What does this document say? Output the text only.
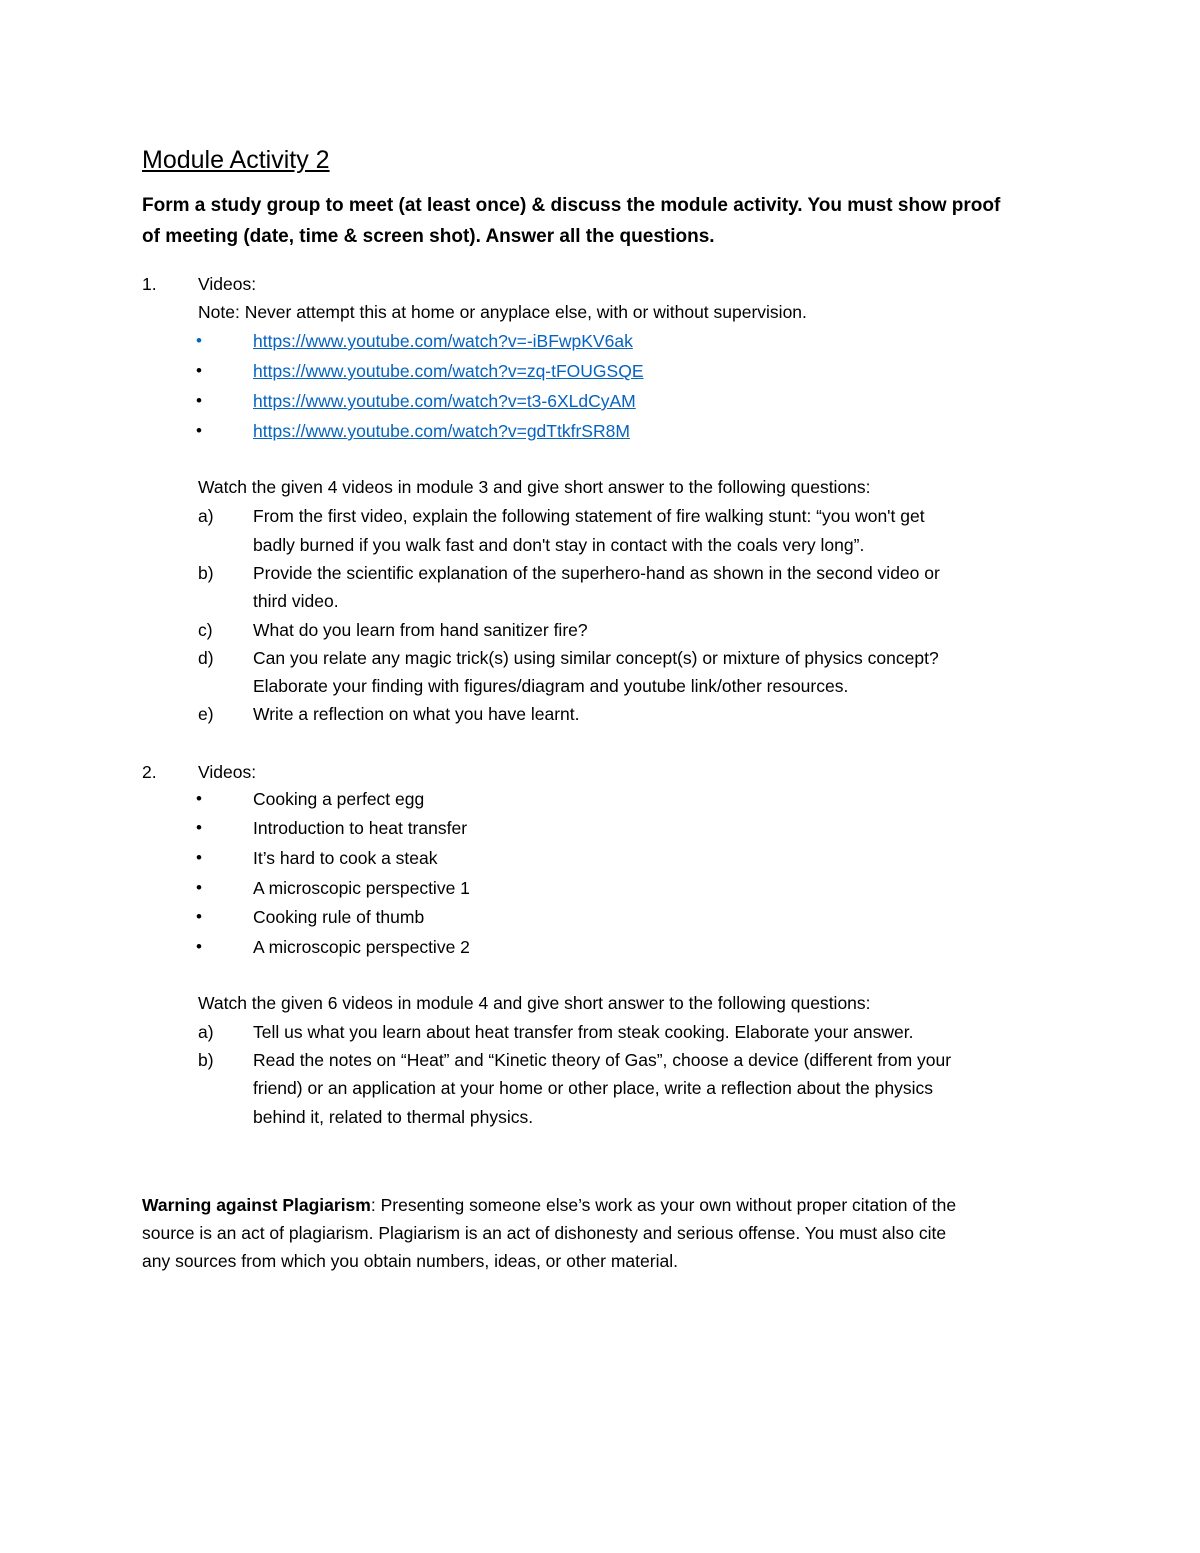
Module Activity 2
Form a study group to meet (at least once) & discuss the module activity. You must show proof
of meeting (date, time & screen shot). Answer all the questions.
1. Videos:
Note: Never attempt this at home or anyplace else, with or without supervision.
•	https://www.youtube.com/watch?v=-iBFwpKV6ak
•	https://www.youtube.com/watch?v=zq-tFOUGSQE
•	https://www.youtube.com/watch?v=t3-6XLdCyAM
•	https://www.youtube.com/watch?v=gdTtkfrSR8M
Watch the given 4 videos in module 3 and give short answer to the following questions:
a) From the first video, explain the following statement of fire walking stunt: “you won't get
badly burned if you walk fast and don't stay in contact with the coals very long”.
b) Provide the scientific explanation of the superhero-hand as shown in the second video or
third video.
c) What do you learn from hand sanitizer fire?
d) Can you relate any magic trick(s) using similar concept(s) or mixture of physics concept?
Elaborate your finding with figures/diagram and youtube link/other resources.
e) Write a reflection on what you have learnt.
2. Videos:
•	Cooking a perfect egg
•	Introduction to heat transfer
•	It’s hard to cook a steak
•	A microscopic perspective 1
•	Cooking rule of thumb
•	A microscopic perspective 2
Watch the given 6 videos in module 4 and give short answer to the following questions:
a) Tell us what you learn about heat transfer from steak cooking. Elaborate your answer.
b) Read the notes on “Heat” and “Kinetic theory of Gas”, choose a device (different from your
friend) or an application at your home or other place, write a reflection about the physics
behind it, related to thermal physics.
Warning against Plagiarism: Presenting someone else’s work as your own without proper citation of the
source is an act of plagiarism. Plagiarism is an act of dishonesty and serious offense. You must also cite
any sources from which you obtain numbers, ideas, or other material.
